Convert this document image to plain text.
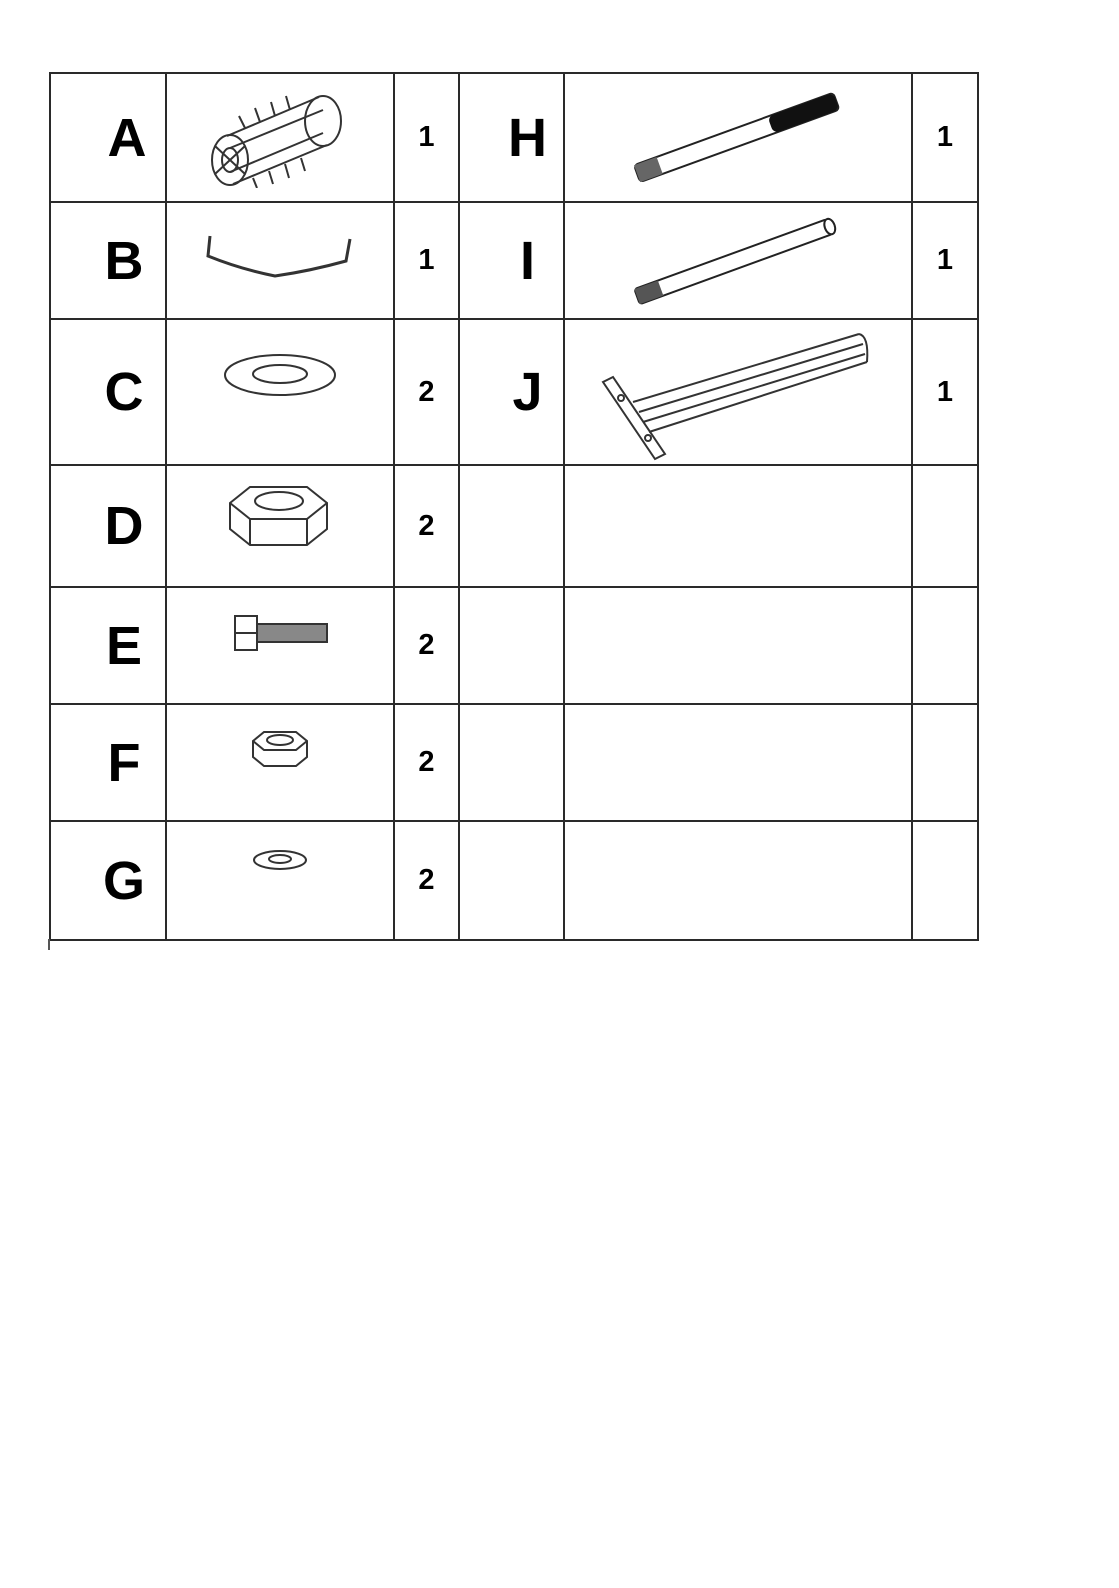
A		1	H		1
B		1	I		1
C		2	J		1
D		2			
E		2			
F		2			
G		2			
